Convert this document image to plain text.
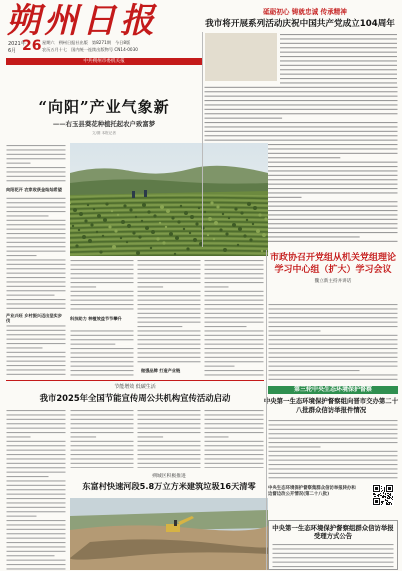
朔州日报
2021年
6月 26 星期六 朔州日报社出版 第8271期 今日8版
农历五月十七 国内统一连续出版物号 CN14-0030
中共朔州市委机关报
砥砺初心 铸就忠诚 传承精神
我市将开展系列活动庆祝中国共产党成立104周年
“向阳”产业气象新
——右玉县葵花种植托起农户致富梦
文/图 本报记者
向阳花开 农家收获金灿灿希望
产业兴旺 乡村振兴迈出坚实步伐	科技助力 种植效益节节攀升
做强品牌 打造产业链
市政协召开党组从机关党组理论学习中心组（扩大）学习会议
魏立新主持并讲话
第三轮中央生态环境保护督察
中央第一生态环境保护督察组向晋市交办第二十八批群众信访举报件情况
中央生态环境保护督察集群众信访举报转办和边督边改公开情况(第二十八批)
中央第一生态环境保护督察组群众信访举报受理方式公告
节能增效 低碳生活
我市2025年全国节能宣传周公共机构宣传活动启动
朔城区积极推进
东富村快速河段5.8万立方米建筑垃圾16天清零
